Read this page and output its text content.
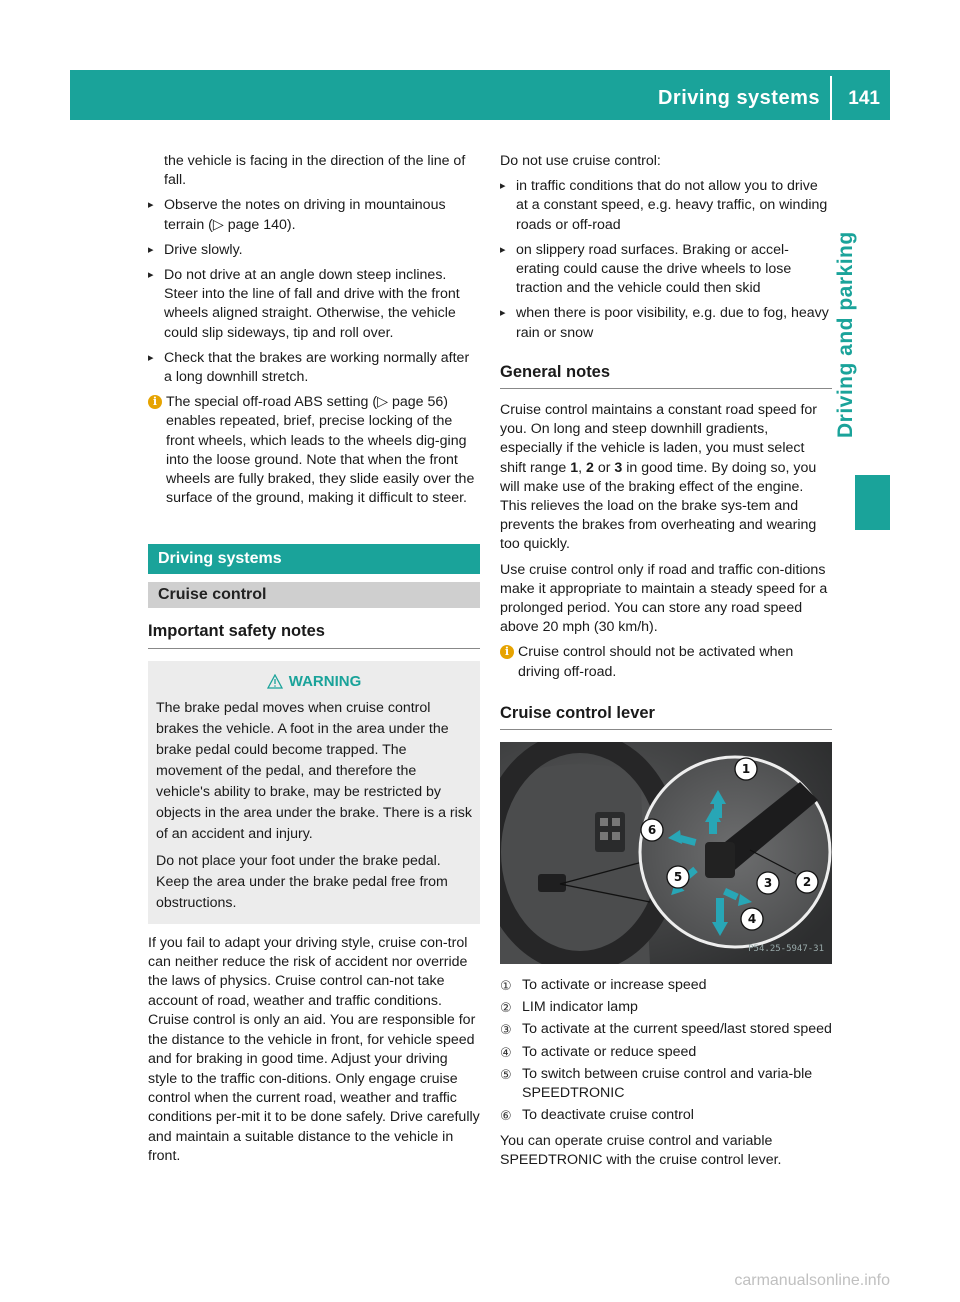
Driving systems 141
Driving and parking

the vehicle is facing in the direction of the line of fall.

▸ Observe the notes on driving in mountainous terrain (▷ page 140).
▸ Drive slowly.
▸ Do not drive at an angle down steep inclines. Steer into the line of fall and drive with the front wheels aligned straight. Otherwise, the vehicle could slip sideways, tip and roll over.
▸ Check that the brakes are working normally after a long downhill stretch.
i The special off-road ABS setting (▷ page 56) enables repeated, brief, precise locking of the front wheels, which leads to the wheels dig-ging into the loose ground. Note that when the front wheels are fully braked, they slide easily over the surface of the ground, making it difficult to steer.
Driving systems
Cruise control
Important safety notes
WARNING

The brake pedal moves when cruise control brakes the vehicle. A foot in the area under the brake pedal could become trapped. The movement of the pedal, and therefore the vehicle's ability to brake, may be restricted by objects in the area under the brake. There is a risk of an accident and injury.

Do not place your foot under the brake pedal. Keep the area under the brake pedal free from obstructions.

If you fail to adapt your driving style, cruise con-trol can neither reduce the risk of accident nor override the laws of physics. Cruise control can-not take account of road, weather and traffic conditions. Cruise control is only an aid. You are responsible for the distance to the vehicle in front, for vehicle speed and for braking in good time. Adjust your driving style to the traffic con-ditions. Only engage cruise control when the current road, weather and traffic conditions per-mit it to be done safely. Drive carefully and maintain a suitable distance to the vehicle in front.

Do not use cruise control:

▸ in traffic conditions that do not allow you to drive at a constant speed, e.g. heavy traffic, on winding roads or off-road
▸ on slippery road surfaces. Braking or accel-erating could cause the drive wheels to lose traction and the vehicle could then skid
▸ when there is poor visibility, e.g. due to fog, heavy rain or snow
General notes

Cruise control maintains a constant road speed for you. On long and steep downhill gradients, especially if the vehicle is laden, you must select shift range 1, 2 or 3 in good time. By doing so, you will make use of the braking effect of the engine. This relieves the load on the brake sys-tem and prevents the brakes from overheating and wearing too quickly.

Use cruise control only if road and traffic con-ditions make it appropriate to maintain a steady speed for a prolonged period. You can store any road speed above 20 mph (30 km/h).

i Cruise control should not be activated when driving off-road.
Cruise control lever
1
2
3
4
5
6
P54.25-5947-31
① To activate or increase speed
② LIM indicator lamp
③ To activate at the current speed/last stored speed
④ To activate or reduce speed
⑤ To switch between cruise control and varia-ble SPEEDTRONIC
⑥ To deactivate cruise control

You can operate cruise control and variable SPEEDTRONIC with the cruise control lever.

carmanualsonline.info
